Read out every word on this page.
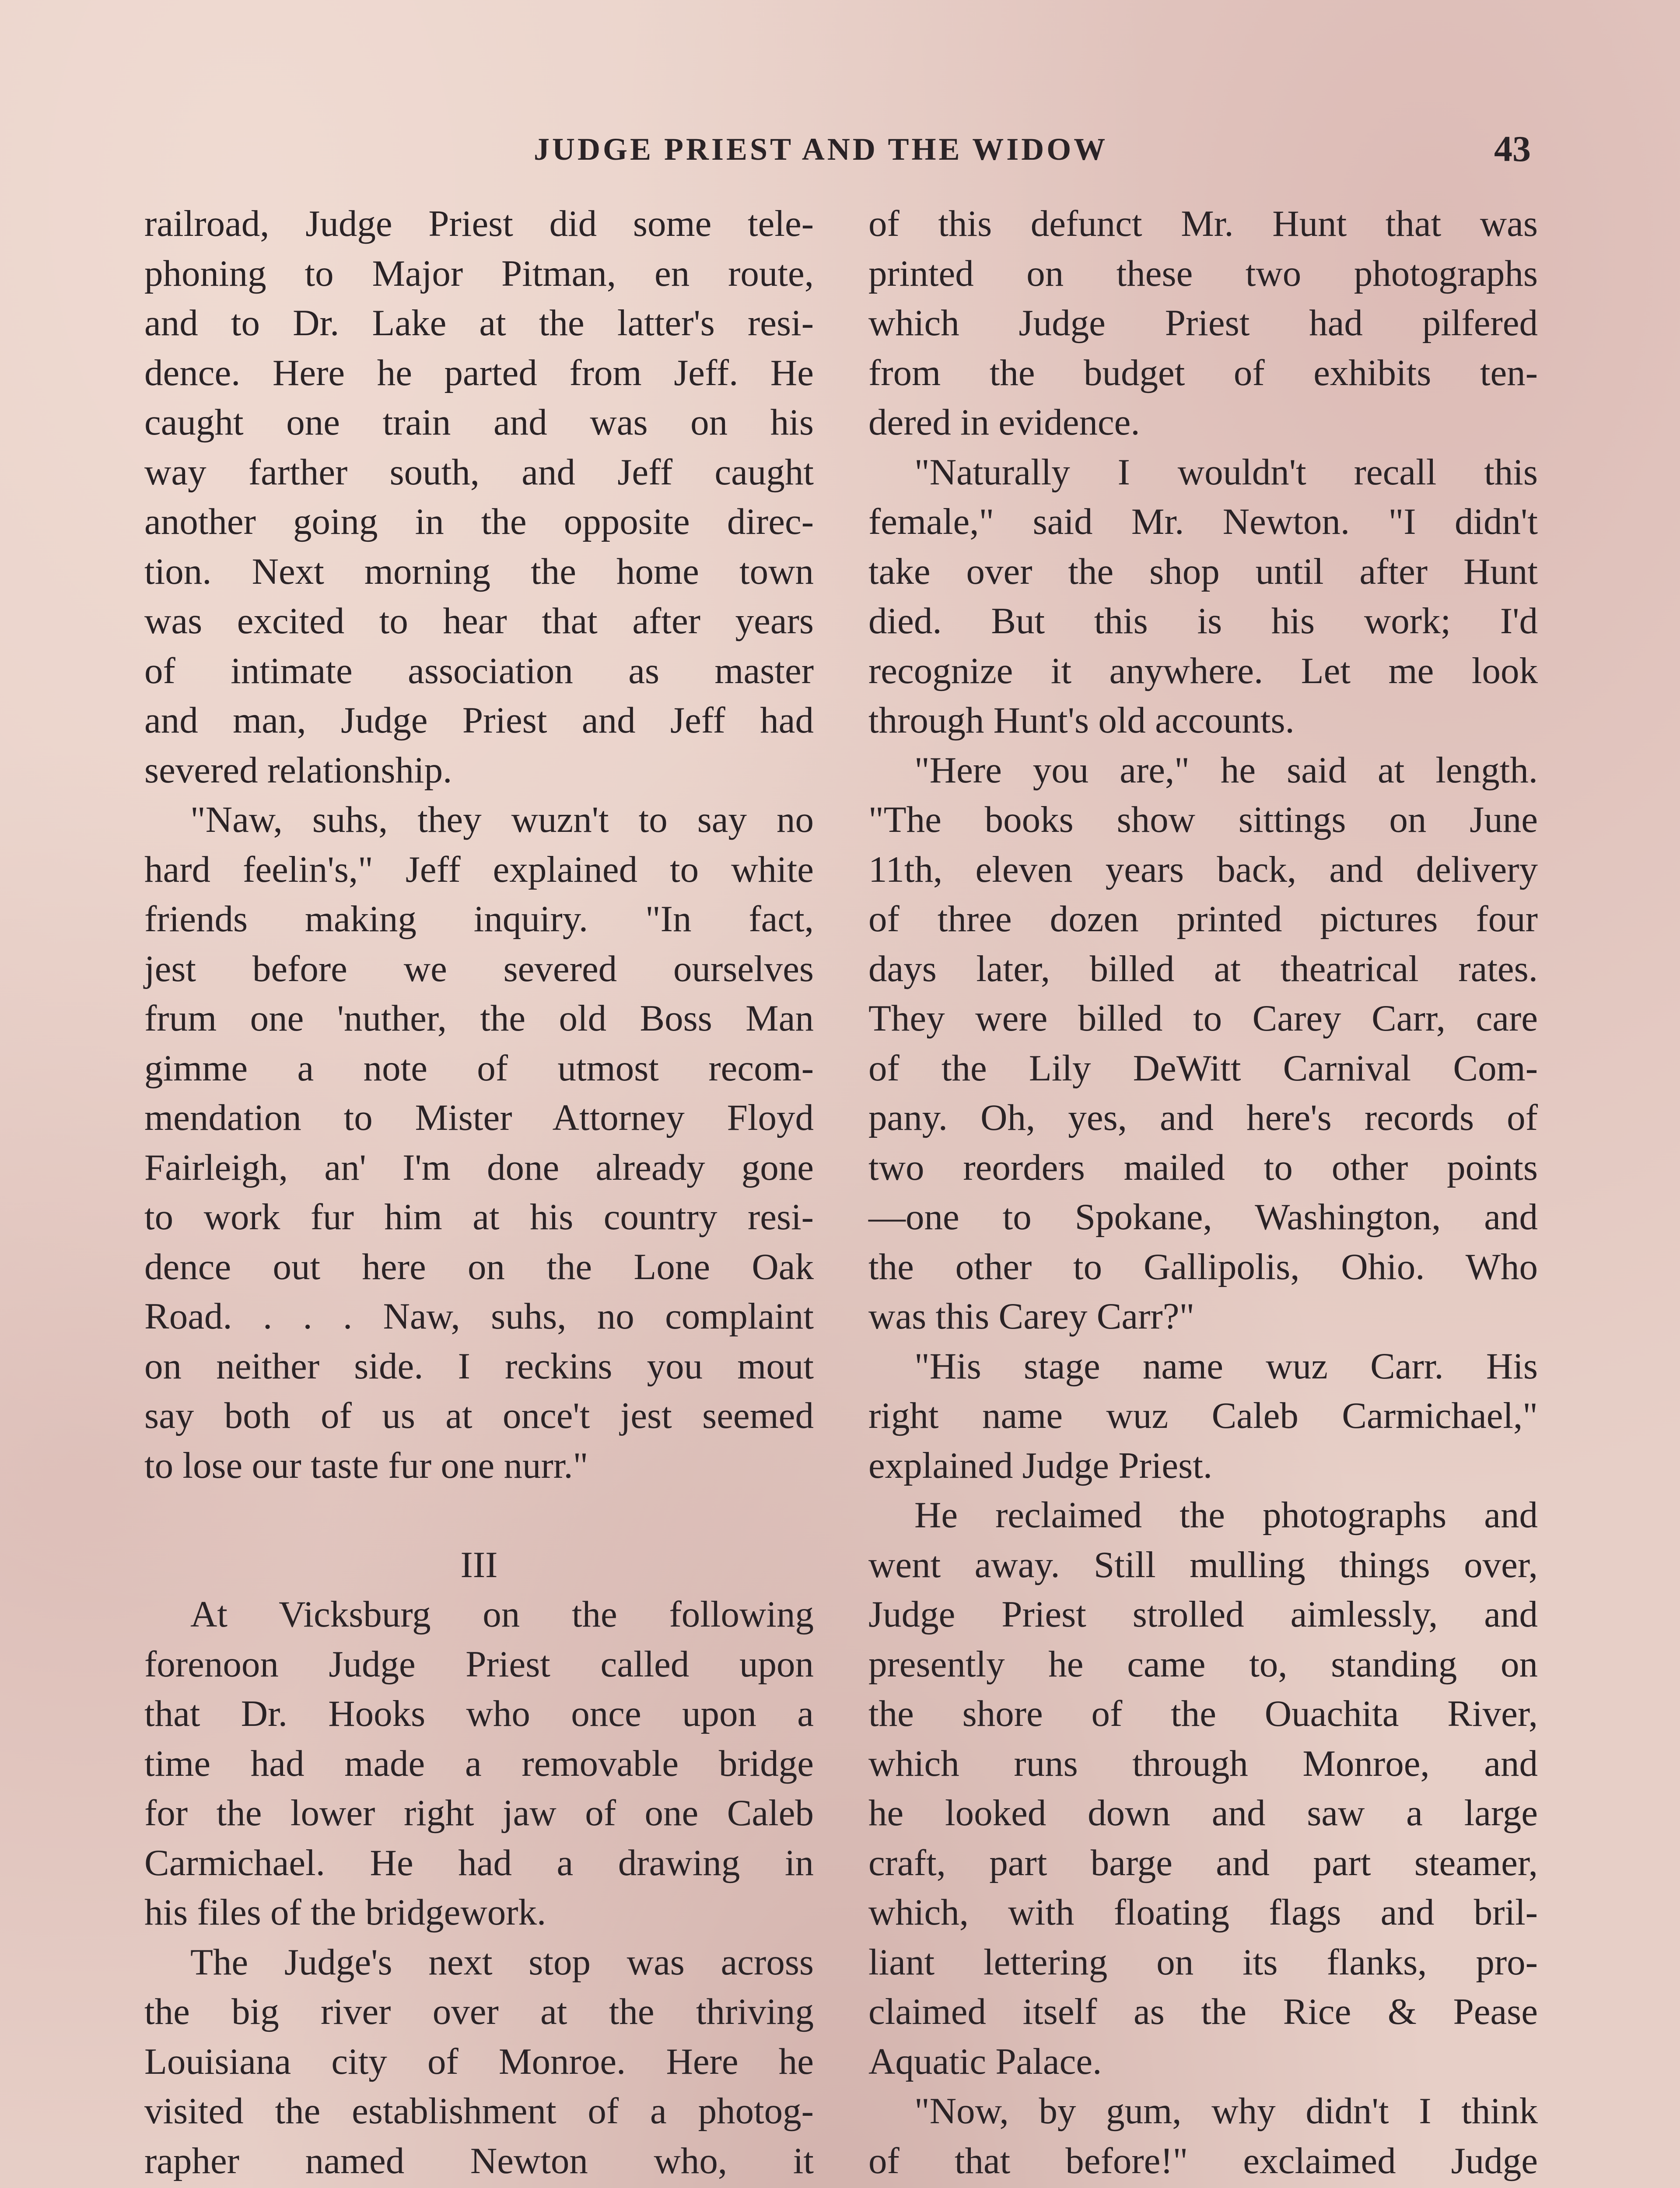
JUDGE PRIEST AND THE WIDOW	43
railroad, Judge Priest did some tele-
phoning to Major Pitman, en route,
and to Dr. Lake at the latter's resi-
dence. Here he parted from Jeff. He
caught one train and was on his
way farther south, and Jeff caught
another going in the opposite direc-
tion. Next morning the home town
was excited to hear that after years
of intimate association as master
and man, Judge Priest and Jeff had
severed relationship.
"Naw, suhs, they wuzn't to say no
hard feelin's," Jeff explained to white
friends making inquiry. "In fact,
jest before we severed ourselves
frum one 'nuther, the old Boss Man
gimme a note of utmost recom-
mendation to Mister Attorney Floyd
Fairleigh, an' I'm done already gone
to work fur him at his country resi-
dence out here on the Lone Oak
Road. . . . Naw, suhs, no complaint
on neither side. I reckins you mout
say both of us at once't jest seemed
to lose our taste fur one nurr."
III
At Vicksburg on the following
forenoon Judge Priest called upon
that Dr. Hooks who once upon a
time had made a removable bridge
for the lower right jaw of one Caleb
Carmichael. He had a drawing in
his files of the bridgework.
The Judge's next stop was across
the big river over at the thriving
Louisiana city of Monroe. Here he
visited the establishment of a photog-
rapher named Newton who, it
of this defunct Mr. Hunt that was
printed on these two photographs
which Judge Priest had pilfered
from the budget of exhibits ten-
dered in evidence.
"Naturally I wouldn't recall this
female," said Mr. Newton. "I didn't
take over the shop until after Hunt
died. But this is his work; I'd
recognize it anywhere. Let me look
through Hunt's old accounts.
"Here you are," he said at length.
"The books show sittings on June
11th, eleven years back, and delivery
of three dozen printed pictures four
days later, billed at theatrical rates.
They were billed to Carey Carr, care
of the Lily DeWitt Carnival Com-
pany. Oh, yes, and here's records of
two reorders mailed to other points
—one to Spokane, Washington, and
the other to Gallipolis, Ohio. Who
was this Carey Carr?"
"His stage name wuz Carr. His
right name wuz Caleb Carmichael,"
explained Judge Priest.
He reclaimed the photographs and
went away. Still mulling things over,
Judge Priest strolled aimlessly, and
presently he came to, standing on
the shore of the Ouachita River,
which runs through Monroe, and
he looked down and saw a large
craft, part barge and part steamer,
which, with floating flags and bril-
liant lettering on its flanks, pro-
claimed itself as the Rice & Pease
Aquatic Palace.
"Now, by gum, why didn't I think
of that before!" exclaimed Judge
